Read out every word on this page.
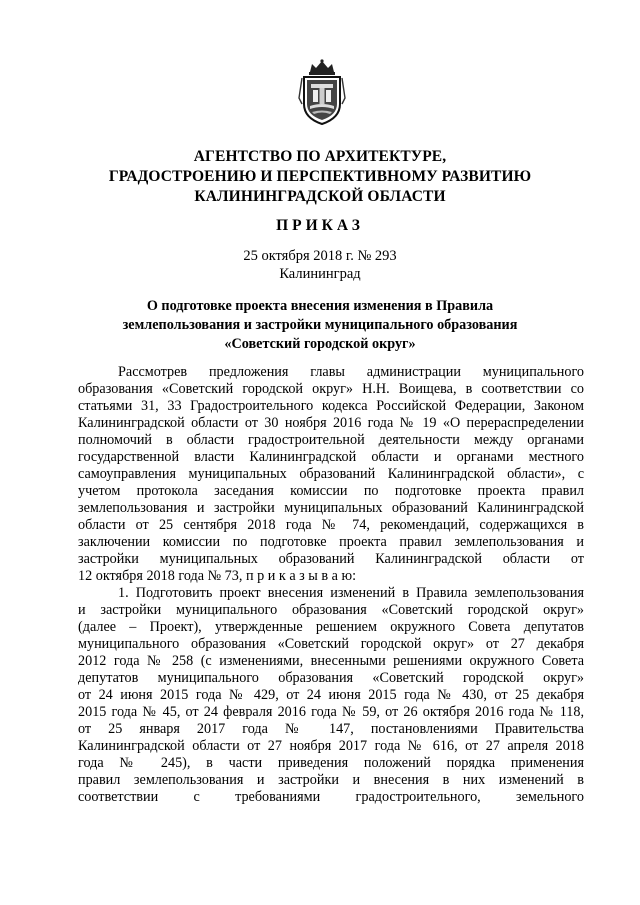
АГЕНТСТВО ПО АРХИТЕКТУРЕ,
ГРАДОСТРОЕНИЮ И ПЕРСПЕКТИВНОМУ РАЗВИТИЮ
КАЛИНИНГРАДСКОЙ ОБЛАСТИ
ПРИКАЗ
25 октября 2018 г. № 293
Калининград
О подготовке проекта внесения изменения в Правила
землепользования и застройки муниципального образования
«Советский городской округ»
Рассмотрев предложения главы администрации муниципального
образования «Советский городской округ» Н.Н. Воищева, в соответствии со
статьями 31, 33 Градостроительного кодекса Российской Федерации, Законом
Калининградской области от 30 ноября 2016 года № 19 «О перераспределении
полномочий в области градостроительной деятельности между органами
государственной власти Калининградской области и органами местного
самоуправления муниципальных образований Калининградской области», с
учетом протокола заседания комиссии по подготовке проекта правил
землепользования и застройки муниципальных образований Калининградской
области от 25 сентября 2018 года № 74, рекомендаций, содержащихся в
заключении комиссии по подготовке проекта правил землепользования и
застройки муниципальных образований Калининградской области от
12 октября 2018 года № 73, п р и к а з ы в а ю:
1. Подготовить проект внесения изменений в Правила землепользования
и застройки муниципального образования «Советский городской округ»
(далее – Проект), утвержденные решением окружного Совета депутатов
муниципального образования «Советский городской округ» от 27 декабря
2012 года № 258 (с изменениями, внесенными решениями окружного Совета
депутатов муниципального образования «Советский городской округ»
от 24 июня 2015 года № 429, от 24 июня 2015 года № 430, от 25 декабря
2015 года № 45, от 24 февраля 2016 года № 59, от 26 октября 2016 года № 118,
от 25 января 2017 года № 147, постановлениями Правительства
Калининградской области от 27 ноября 2017 года № 616, от 27 апреля 2018
года № 245), в части приведения положений порядка применения
правил землепользования и застройки и внесения в них изменений в
соответствии с требованиями градостроительного, земельного
